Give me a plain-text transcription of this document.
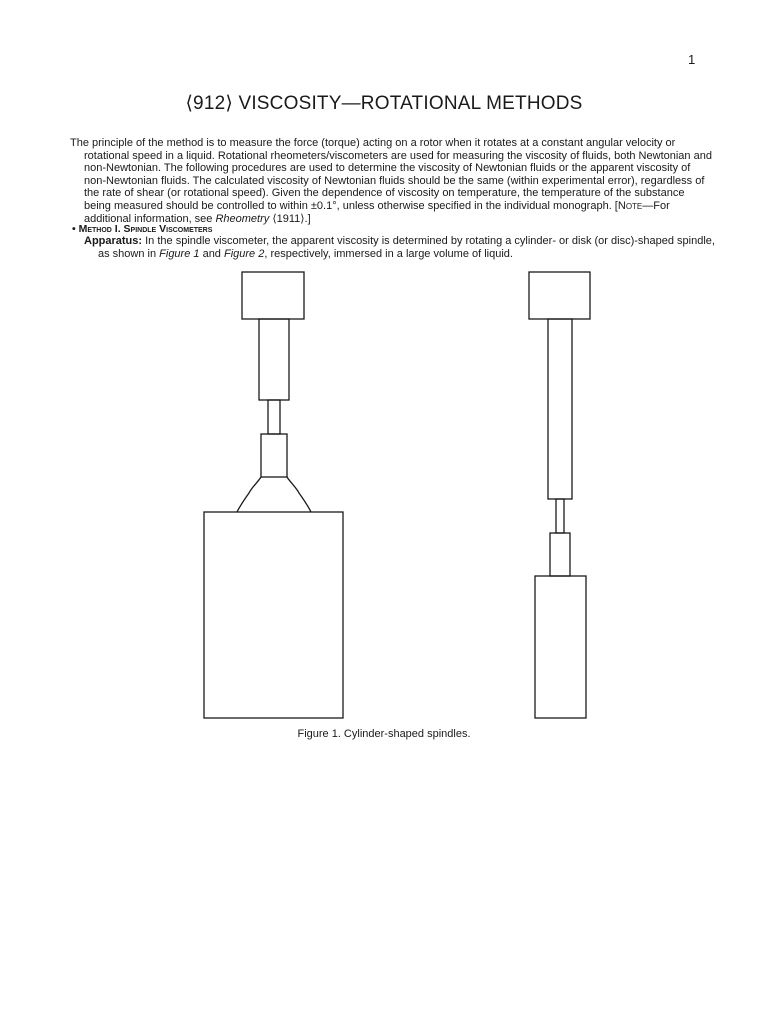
1
⟨912⟩ VISCOSITY—ROTATIONAL METHODS
The principle of the method is to measure the force (torque) acting on a rotor when it rotates at a constant angular velocity or rotational speed in a liquid. Rotational rheometers/viscometers are used for measuring the viscosity of fluids, both Newtonian and non-Newtonian. The following procedures are used to determine the viscosity of Newtonian fluids or the apparent viscosity of non-Newtonian fluids. The calculated viscosity of Newtonian fluids should be the same (within experimental error), regardless of the rate of shear (or rotational speed). Given the dependence of viscosity on temperature, the temperature of the substance being measured should be controlled to within ±0.1°, unless otherwise specified in the individual monograph. [Note—For additional information, see Rheometry ⟨1911⟩.]
• Method I. Spindle Viscometers
Apparatus: In the spindle viscometer, the apparent viscosity is determined by rotating a cylinder- or disk (or disc)-shaped spindle, as shown in Figure 1 and Figure 2, respectively, immersed in a large volume of liquid.
Figure 1. Cylinder-shaped spindles.
